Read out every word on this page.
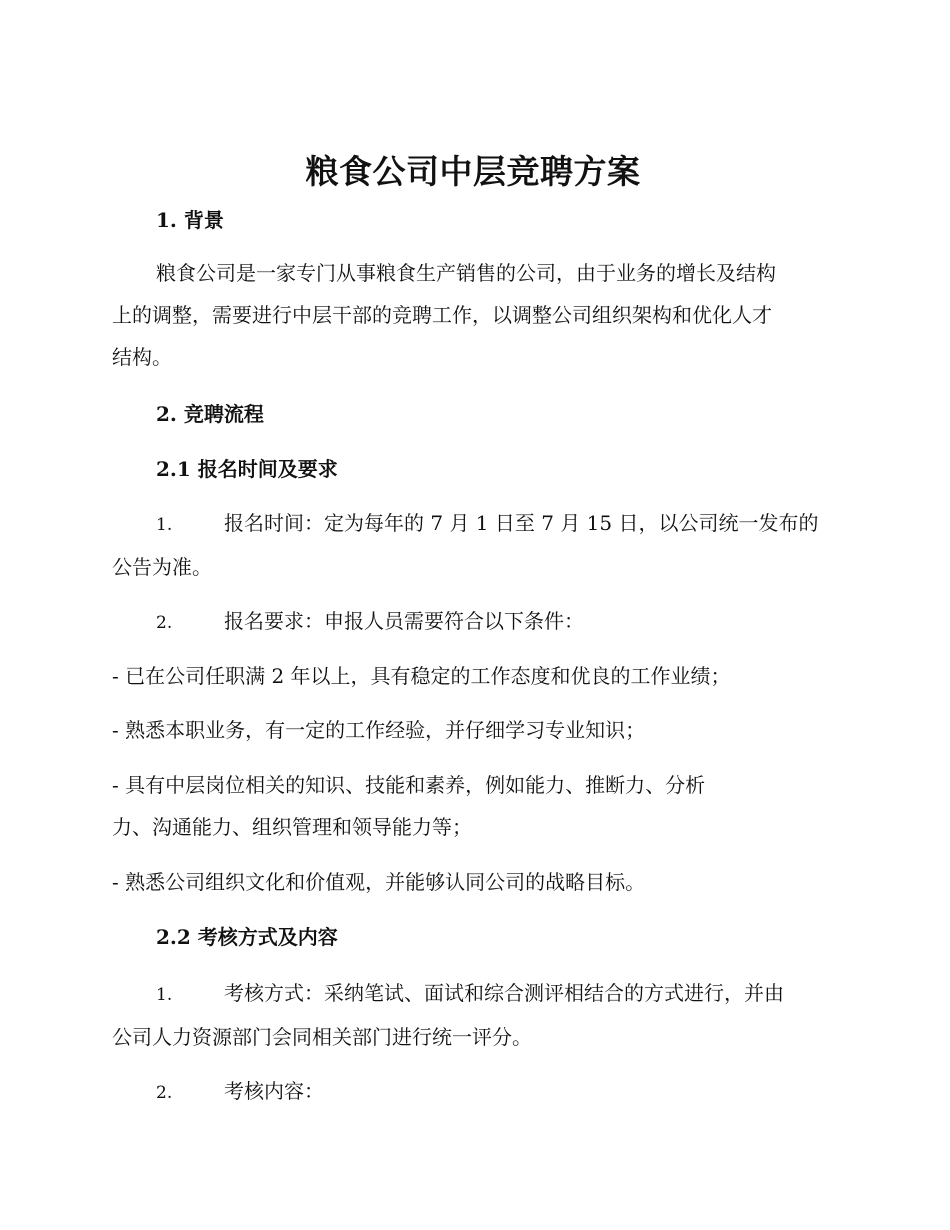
粮食公司中层竞聘方案
1. 背景
粮食公司是一家专门从事粮食生产销售的公司，由于业务的增长及结构
上的调整，需要进行中层干部的竞聘工作，以调整公司组织架构和优化人才
结构。
2. 竞聘流程
2.1 报名时间及要求
1.	报名时间：定为每年的 7 月 1 日至 7 月 15 日，以公司统一发布的
公告为准。
2.	报名要求：申报人员需要符合以下条件：
- 已在公司任职满 2 年以上，具有稳定的工作态度和优良的工作业绩；
- 熟悉本职业务，有一定的工作经验，并仔细学习专业知识；
- 具有中层岗位相关的知识、技能和素养，例如能力、推断力、分析
力、沟通能力、组织管理和领导能力等；
- 熟悉公司组织文化和价值观，并能够认同公司的战略目标。
2.2 考核方式及内容
1.	考核方式：采纳笔试、面试和综合测评相结合的方式进行，并由
公司人力资源部门会同相关部门进行统一评分。
2.	考核内容：
